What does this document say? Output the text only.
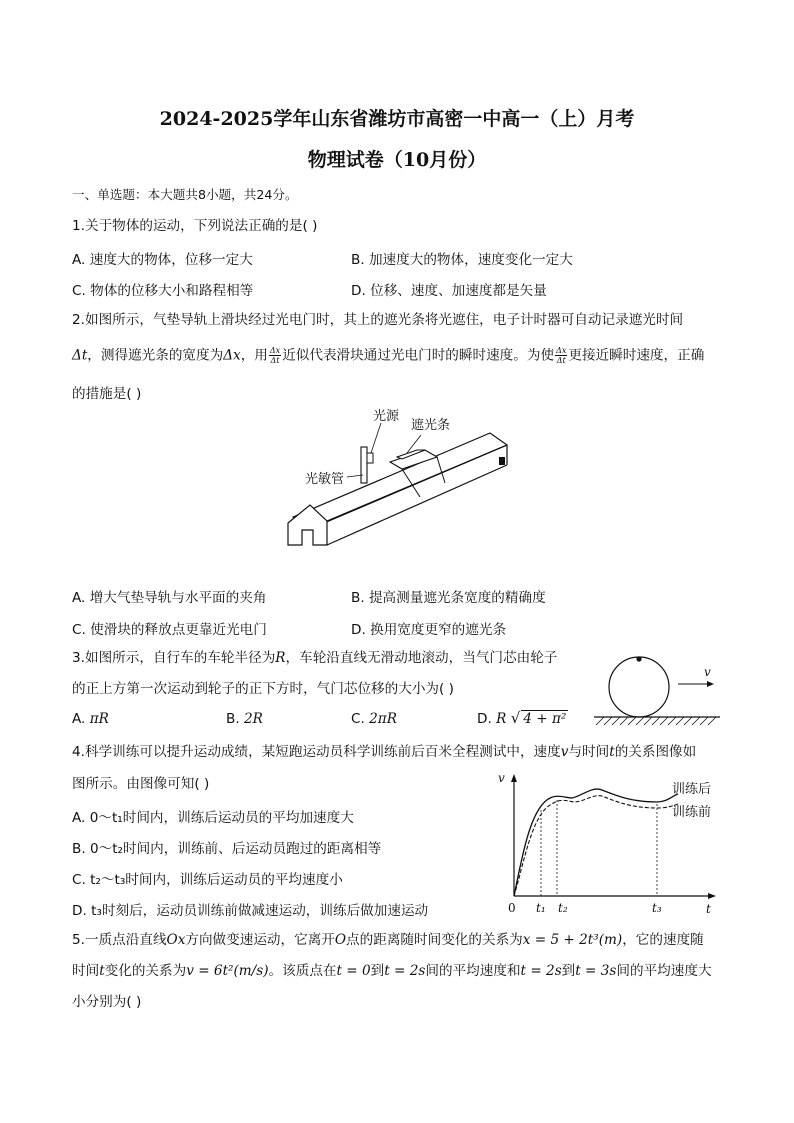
2024-2025学年山东省潍坊市高密一中高一（上）月考
物理试卷（10月份）
一、单选题：本大题共8小题，共24分。
1.关于物体的运动，下列说法正确的是( )
A. 速度大的物体，位移一定大	B. 加速度大的物体，速度变化一定大
C. 物体的位移大小和路程相等	D. 位移、速度、加速度都是矢量
2.如图所示，气垫导轨上滑块经过光电门时，其上的遮光条将光遮住，电子计时器可自动记录遮光时间
Δt，测得遮光条的宽度为Δx，用 $\frac{\Delta x}{\Delta t}$ 近似代表滑块通过光电门时的瞬时速度。为使 $\frac{\Delta x}{\Delta t}$ 更接近瞬时速度，正确
的措施是( )
光源
遮光条
光敏管
A. 增大气垫导轨与水平面的夹角	B. 提高测量遮光条宽度的精确度
C. 使滑块的释放点更靠近光电门	D. 换用宽度更窄的遮光条
3.如图所示，自行车的车轮半径为R，车轮沿直线无滑动地滚动，当气门芯由轮子
的正上方第一次运动到轮子的正下方时，气门芯位移的大小为( )
v
A. πR	B. 2R	C. 2πR	D. R √ 4 + π²
4.科学训练可以提升运动成绩，某短跑运动员科学训练前后百米全程测试中，速度v与时间t的关系图像如
图所示。由图像可知( )
A. 0～t₁时间内，训练后运动员的平均加速度大
B. 0～t₂时间内，训练前、后运动员跑过的距离相等
C. t₂～t₃时间内，训练后运动员的平均速度小
D. t₃时刻后，运动员训练前做减速运动，训练后做加速运动
v
t
0 t₁ t₂	t₃
训练后
训练前
5.一质点沿直线Ox方向做变速运动，它离开O点的距离随时间变化的关系为x = 5 + 2t³(m)，它的速度随
时间t变化的关系为v = 6t²(m/s)。该质点在t = 0到t = 2s间的平均速度和t = 2s到t = 3s间的平均速度大
小分别为( )
